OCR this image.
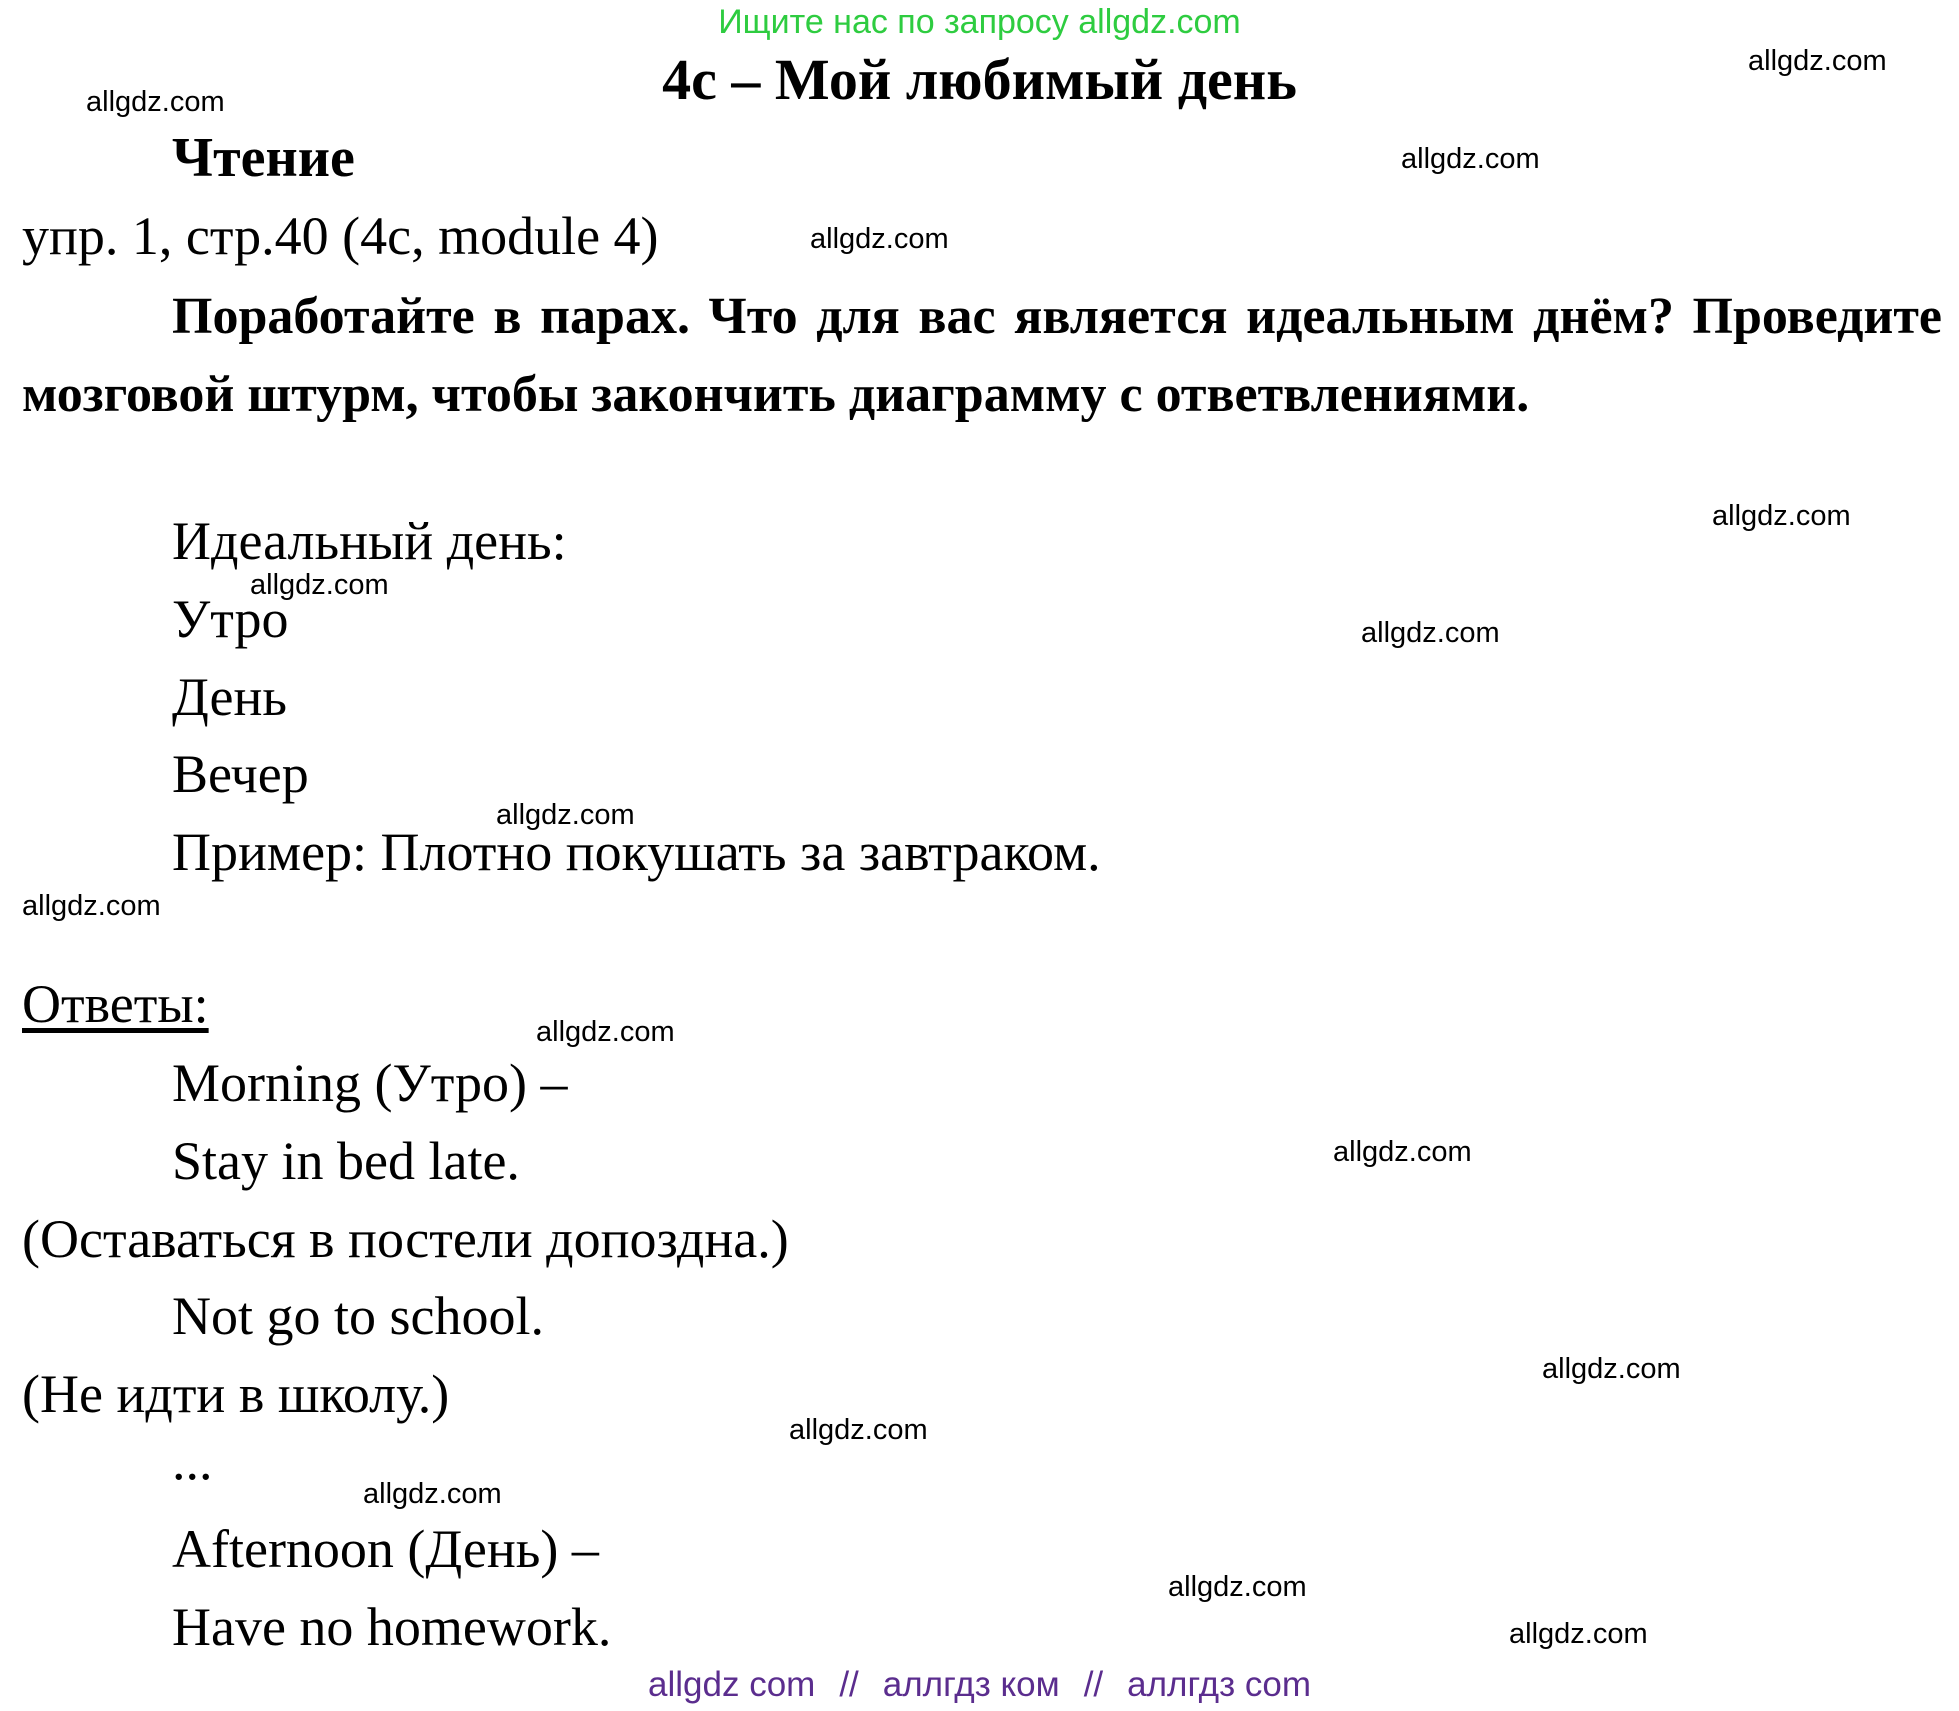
Ищите нас по запросу allgdz.com
4c – Мой любимый день
Чтение
упр. 1, стр.40 (4с, module 4)
Поработайте в парах. Что для вас является идеальным днём? Проведите мозговой штурм, чтобы закончить диаграмму с ответвлениями.
Идеальный день:
Утро
День
Вечер
Пример: Плотно покушать за завтраком.
Ответы:
Morning (Утро) –
Stay in bed late.
(Оставаться в постели допоздна.)
Not go to school.
(Не идти в школу.)
...
Afternoon (День) –
Have no homework.
allgdz.com
allgdz.com
allgdz.com
allgdz.com
allgdz.com
allgdz.com
allgdz.com
allgdz.com
allgdz.com
allgdz.com
allgdz.com
allgdz.com
allgdz.com
allgdz.com
allgdz.com
allgdz.com
allgdz com // аллгдз ком // аллгдз com
